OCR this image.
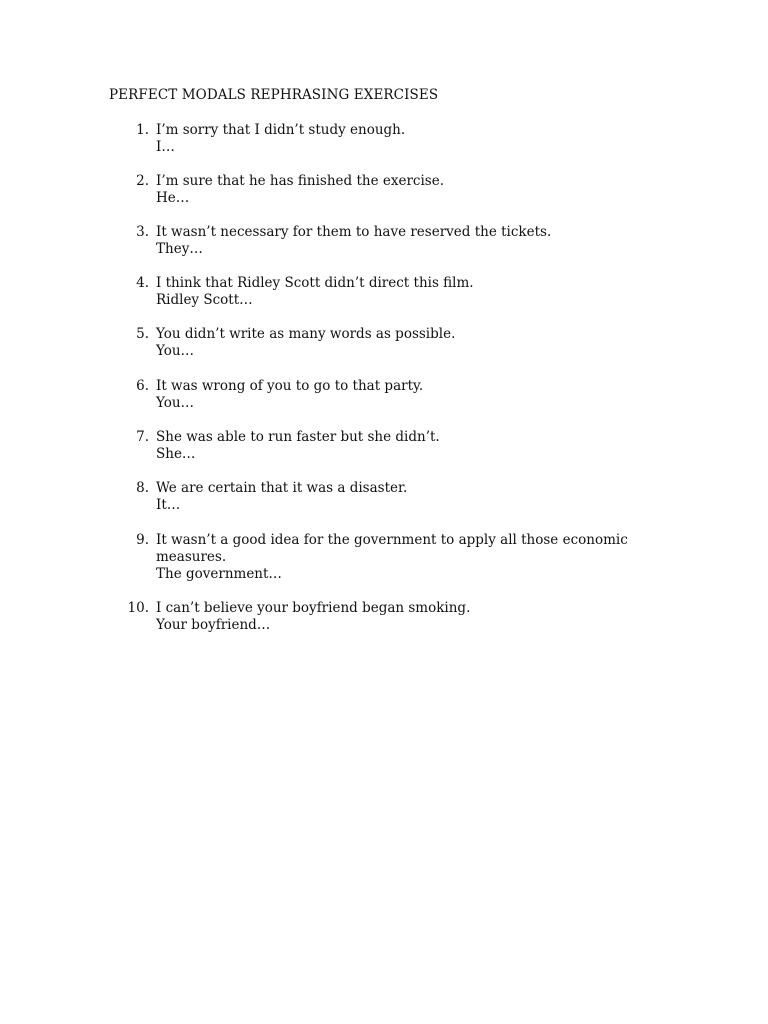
PERFECT MODALS REPHRASING EXERCISES
1. I’m sorry that I didn’t study enough.
I…
2. I’m sure that he has finished the exercise.
He…
3. It wasn’t necessary for them to have reserved the tickets.
They…
4. I think that Ridley Scott didn’t direct this film.
Ridley Scott…
5. You didn’t write as many words as possible.
You…
6. It was wrong of you to go to that party.
You…
7. She was able to run faster but she didn’t.
She…
8. We are certain that it was a disaster.
It…
9. It wasn’t a good idea for the government to apply all those economic
measures.
The government…
10. I can’t believe your boyfriend began smoking.
Your boyfriend…
